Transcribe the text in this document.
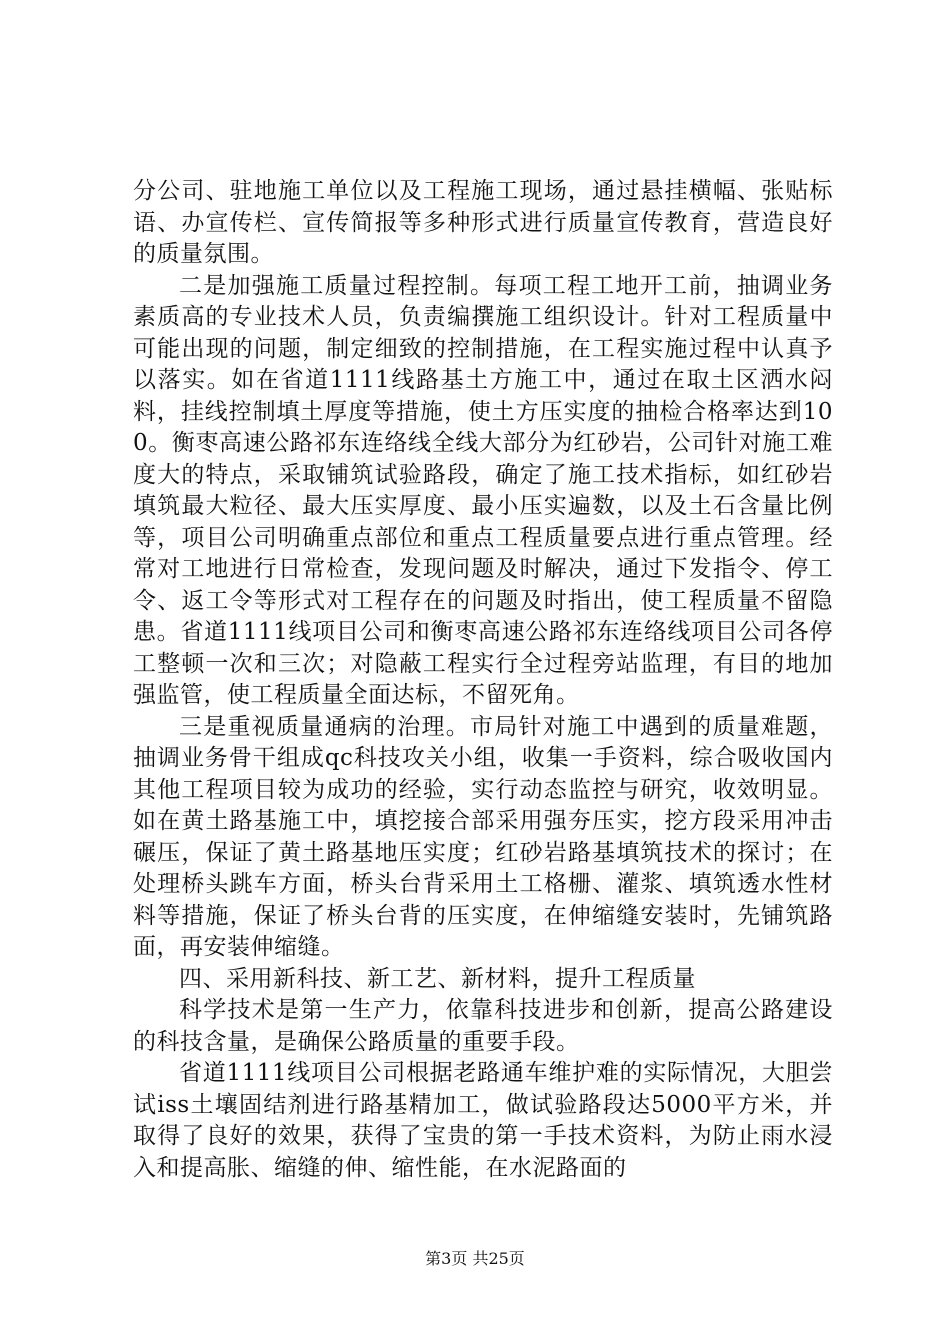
分公司、驻地施工单位以及工程施工现场，通过悬挂横幅、张贴标语、办宣传栏、宣传简报等多种形式进行质量宣传教育，营造良好的质量氛围。

二是加强施工质量过程控制。每项工程工地开工前，抽调业务素质高的专业技术人员，负责编撰施工组织设计。针对工程质量中可能出现的问题，制定细致的控制措施，在工程实施过程中认真予以落实。如在省道1111线路基土方施工中，通过在取土区洒水闷料，挂线控制填土厚度等措施，使土方压实度的抽检合格率达到100。衡枣高速公路祁东连络线全线大部分为红砂岩，公司针对施工难度大的特点，采取铺筑试验路段，确定了施工技术指标，如红砂岩填筑最大粒径、最大压实厚度、最小压实遍数，以及土石含量比例等，项目公司明确重点部位和重点工程质量要点进行重点管理。经常对工地进行日常检查，发现问题及时解决，通过下发指令、停工令、返工令等形式对工程存在的问题及时指出，使工程质量不留隐患。省道1111线项目公司和衡枣高速公路祁东连络线项目公司各停工整顿一次和三次；对隐蔽工程实行全过程旁站监理，有目的地加强监管，使工程质量全面达标，不留死角。

三是重视质量通病的治理。市局针对施工中遇到的质量难题，抽调业务骨干组成qc科技攻关小组，收集一手资料，综合吸收国内其他工程项目较为成功的经验，实行动态监控与研究，收效明显。如在黄土路基施工中，填挖接合部采用强夯压实，挖方段采用冲击碾压，保证了黄土路基地压实度；红砂岩路基填筑技术的探讨；在处理桥头跳车方面，桥头台背采用土工格栅、灌浆、填筑透水性材料等措施，保证了桥头台背的压实度，在伸缩缝安装时，先铺筑路面，再安装伸缩缝。

四、采用新科技、新工艺、新材料，提升工程质量

科学技术是第一生产力，依靠科技进步和创新，提高公路建设的科技含量，是确保公路质量的重要手段。

省道1111线项目公司根据老路通车维护难的实际情况，大胆尝试iss土壤固结剂进行路基精加工，做试验路段达5000平方米，并取得了良好的效果，获得了宝贵的第一手技术资料，为防止雨水浸入和提高胀、缩缝的伸、缩性能，在水泥路面的

第3页 共25页
